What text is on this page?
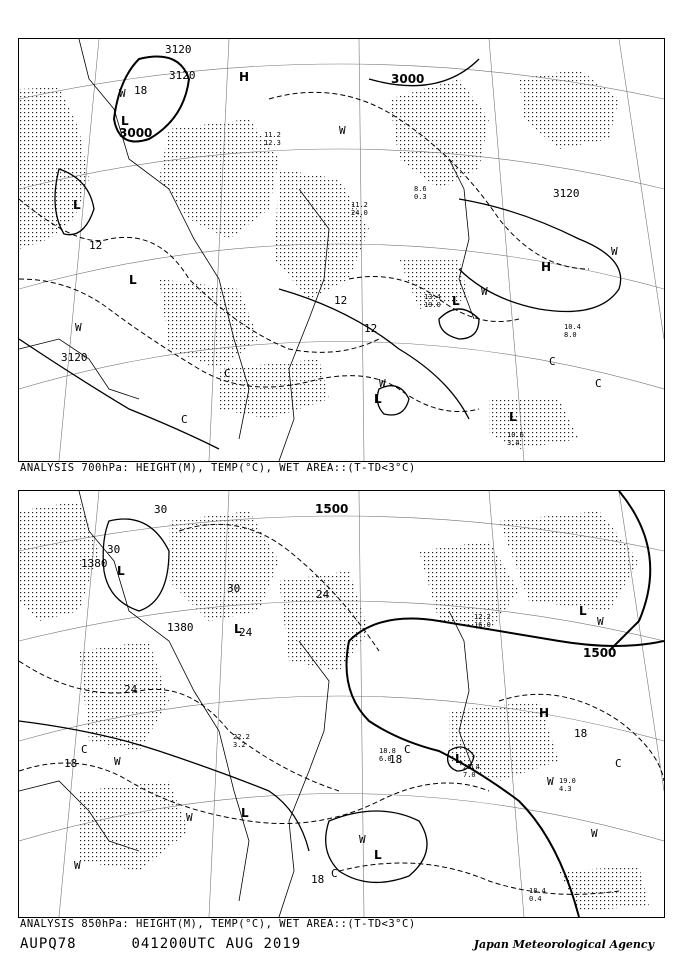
3120
3120
3000
3000
3120
3120
12
12
12
18
H
L
L
L
H
L
L
L
W
W
W
C
C
W
C
C
W
W
10.4
8.0
11.2
12.3
13.4
19.0
10.6
3.4
8.6
0.3
11.2
24.0
ANALYSIS 700hPa: HEIGHT(M), TEMP(°C), WET AREA::(T-TD<3°C)
1380
1380
1500
1500
30
30
30	24
24
24
18	18
18
18
L
L
L
H
L
L
L
W
W
W
C	C
W
W
W
W
C
C
19.0
4.3
20.4
7.0
18.8
6.0
18.4
0.4
22.2
3.2
12.2
16.0
ANALYSIS 850hPa: HEIGHT(M), TEMP(°C), WET AREA::(T-TD<3°C)
AUPQ78	041200UTC AUG 2019	Japan Meteorological Agency
